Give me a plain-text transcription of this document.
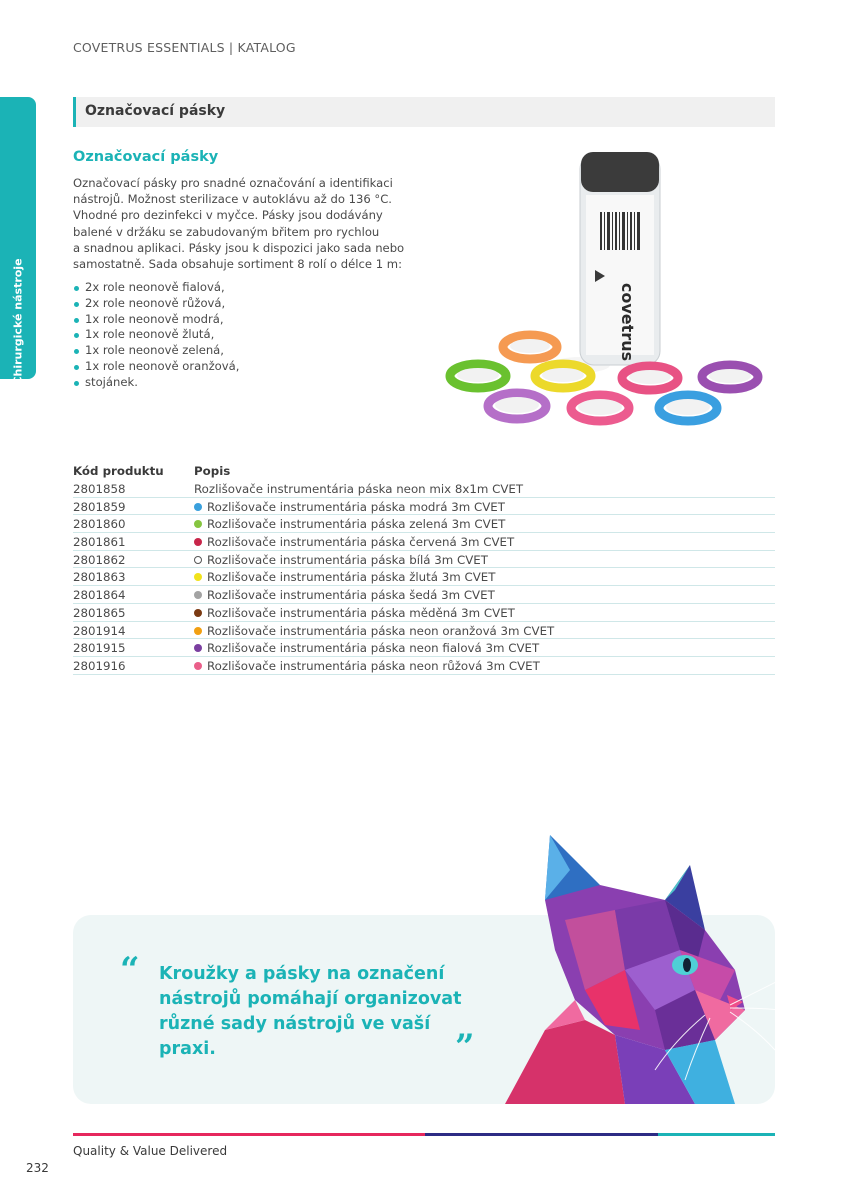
COVETRUS ESSENTIALS | KATALOG
15 | Chirurgické nástroje
Označovací pásky
Označovací pásky
Označovací pásky pro snadné označování a identifikaci
nástrojů. Možnost sterilizace v autoklávu až do 136 °C.
Vhodné pro dezinfekci v myčce. Pásky jsou dodávány
balené v držáku se zabudovaným břitem pro rychlou
a snadnou aplikaci. Pásky jsou k dispozici jako sada nebo
samostatně. Sada obsahuje sortiment 8 rolí o délce 1 m:
2x role neonově fialová,
2x role neonově růžová,
1x role neonově modrá,
1x role neonově žlutá,
1x role neonově zelená,
1x role neonově oranžová,
stojánek.
covetrus
Kód produktu	Popis
2801858	Rozlišovače instrumentária páska neon mix 8x1m CVET
2801859	Rozlišovače instrumentária páska modrá 3m CVET
2801860	Rozlišovače instrumentária páska zelená 3m CVET
2801861	Rozlišovače instrumentária páska červená 3m CVET
2801862	Rozlišovače instrumentária páska bílá 3m CVET
2801863	Rozlišovače instrumentária páska žlutá 3m CVET
2801864	Rozlišovače instrumentária páska šedá 3m CVET
2801865	Rozlišovače instrumentária páska měděná 3m CVET
2801914	Rozlišovače instrumentária páska neon oranžová 3m CVET
2801915	Rozlišovače instrumentária páska neon fialová 3m CVET
2801916	Rozlišovače instrumentária páska neon růžová 3m CVET
“ Kroužky a pásky na označení
nástrojů pomáhají organizovat
různé sady nástrojů ve vaší
praxi.	”
Quality & Value Delivered
232
